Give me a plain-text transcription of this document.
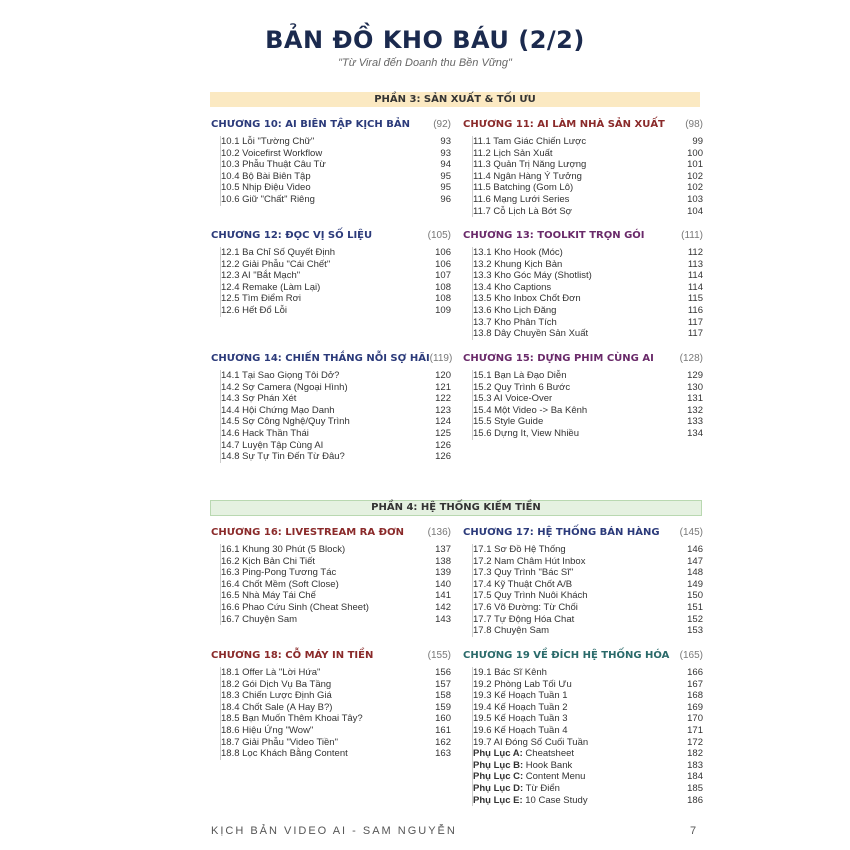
BẢN ĐỒ KHO BÁU (2/2)
"Từ Viral đến Doanh thu Bền Vững"
PHẦN 3: SẢN XUẤT & TỐI ƯU
PHẦN 4: HỆ THỐNG KIẾM TIỀN
CHƯƠNG 10: AI BIÊN TẬP KỊCH BẢN (92)
10.1 Lỗi "Tường Chữ"	93
10.2 Voicefirst Workflow	93
10.3 Phẫu Thuật Câu Từ	94
10.4 Bộ Bài Biên Tập	95
10.5 Nhịp Điệu Video	95
10.6 Giữ "Chất" Riêng	96
CHƯƠNG 11: AI LÀM NHÀ SẢN XUẤT (98)
11.1 Tam Giác Chiến Lược	99
11.2 Lịch Sản Xuất	100
11.3 Quản Trị Năng Lượng	101
11.4 Ngân Hàng Ý Tưởng	102
11.5 Batching (Gom Lô)	102
11.6 Mạng Lưới Series	103
11.7 Cỗ Lịch Là Bớt Sợ	104
CHƯƠNG 12: ĐỌC VỊ SỐ LIỆU	(105)
12.1 Ba Chỉ Số Quyết Định	106
12.2 Giải Phẫu "Cái Chết"	106
12.3 AI "Bắt Mạch"	107
12.4 Remake (Làm Lại)	108
12.5 Tìm Điểm Rơi	108
12.6 Hết Đổ Lỗi	109
CHƯƠNG 13: TOOLKIT TRỌN GÓI	(111)
13.1 Kho Hook (Móc)	112
13.2 Khung Kịch Bản	113
13.3 Kho Góc Máy (Shotlist)	114
13.4 Kho Captions	114
13.5 Kho Inbox Chốt Đơn	115
13.6 Kho Lịch Đăng	116
13.7 Kho Phân Tích	117
13.8 Dây Chuyền Sản Xuất	117
CHƯƠNG 14: CHIẾN THẮNG NỖI SỢ HÃI (119)
14.1 Tại Sao Giọng Tôi Dở?	120
14.2 Sợ Camera (Ngoại Hình)	121
14.3 Sợ Phán Xét	122
14.4 Hội Chứng Mạo Danh	123
14.5 Sợ Công Nghệ/Quy Trình	124
14.6 Hack Thần Thái	125
14.7 Luyện Tập Cùng AI	126
14.8 Sự Tự Tin Đến Từ Đâu?	126
CHƯƠNG 15: DỰNG PHIM CÙNG AI	(128)
15.1 Bạn Là Đạo Diễn	129
15.2 Quy Trình 6 Bước	130
15.3 AI Voice-Over	131
15.4 Một Video -> Ba Kênh	132
15.5 Style Guide	133
15.6 Dựng It, View Nhiều	134
CHƯƠNG 16: LIVESTREAM RA ĐƠN (136)
16.1 Khung 30 Phút (5 Block)	137
16.2 Kịch Bản Chi Tiết	138
16.3 Ping-Pong Tương Tác	139
16.4 Chốt Mềm (Soft Close)	140
16.5 Nhà Máy Tái Chế	141
16.6 Phao Cứu Sinh (Cheat Sheet)	142
16.7 Chuyện Sam	143
CHƯƠNG 17: HỆ THỐNG BÁN HÀNG (145)
17.1 Sơ Đồ Hệ Thống	146
17.2 Nam Châm Hút Inbox	147
17.3 Quy Trình "Bác Sĩ"	148
17.4 Kỹ Thuật Chốt A/B	149
17.5 Quy Trình Nuôi Khách	150
17.6 Võ Đường: Từ Chối	151
17.7 Tự Động Hóa Chat	152
17.8 Chuyện Sam	153
CHƯƠNG 18: CỖ MÁY IN TIỀN	(155)
18.1 Offer Là "Lời Hứa"	156
18.2 Gói Dịch Vụ Ba Tầng	157
18.3 Chiến Lược Định Giá	158
18.4 Chốt Sale (A Hay B?)	159
18.5 Bạn Muốn Thêm Khoai Tây?	160
18.6 Hiệu Ứng "Wow"	161
18.7 Giải Phẫu "Video Tiền"	162
18.8 Lọc Khách Bằng Content	163
CHƯƠNG 19 VỀ ĐÍCH HỆ THỐNG HÓA (165)
19.1 Bác Sĩ Kênh	166
19.2 Phòng Lab Tối Ưu	167
19.3 Kế Hoạch Tuần 1	168
19.4 Kế Hoạch Tuần 2	169
19.5 Kế Hoạch Tuần 3	170
19.6 Kế Hoạch Tuần 4	171
19.7 AI Đóng Số Cuối Tuần	172
Phụ Lục A: Cheatsheet	182
Phụ Lục B: Hook Bank	183
Phụ Lục C: Content Menu	184
Phụ Lục D: Từ Điển	185
Phụ Lục E: 10 Case Study	186
KỊCH BẢN VIDEO AI - SAM NGUYỄN	7
